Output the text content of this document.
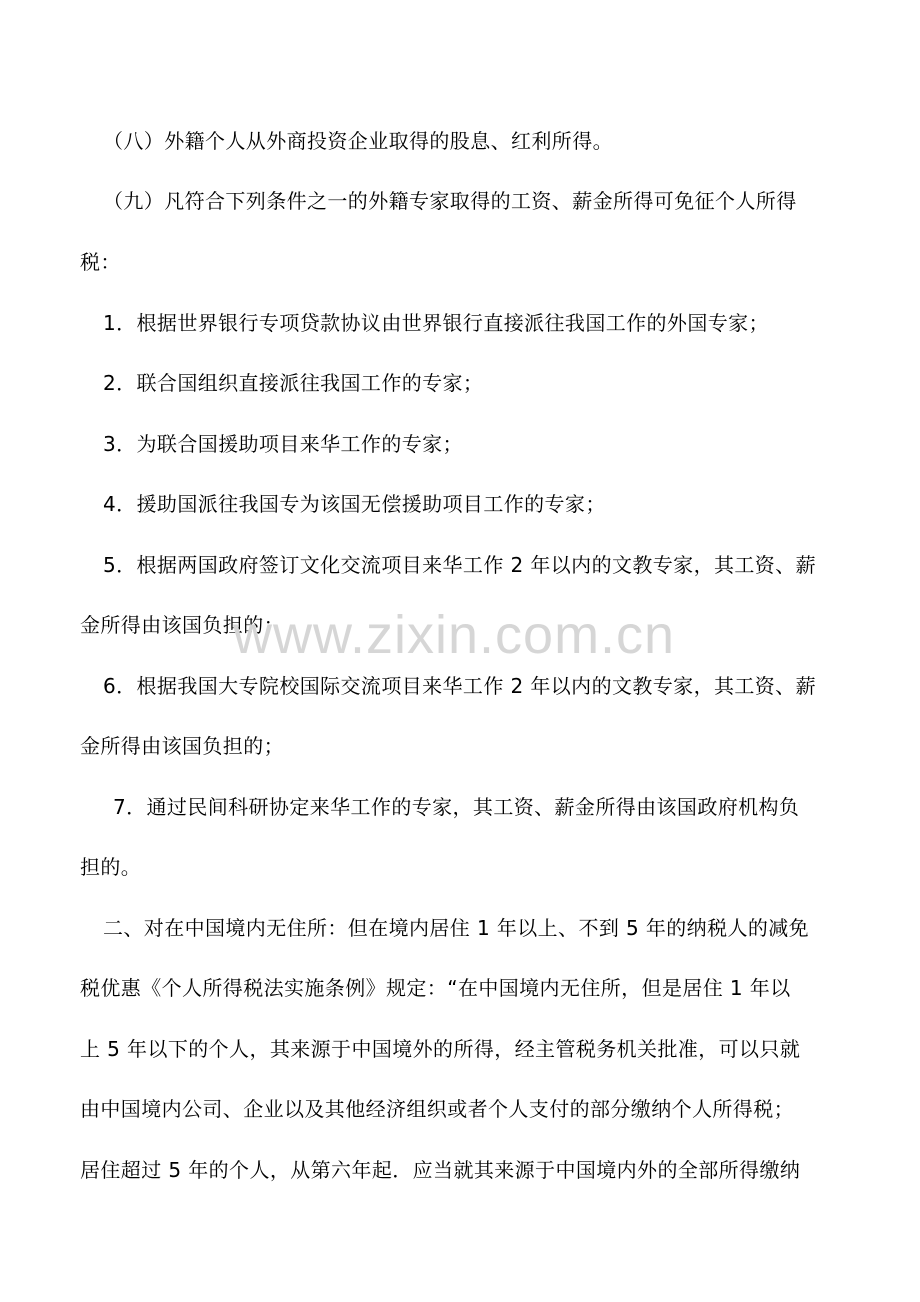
（八）外籍个人从外商投资企业取得的股息、红利所得。
（九）凡符合下列条件之一的外籍专家取得的工资、薪金所得可免征个人所得
税：
1．根据世界银行专项贷款协议由世界银行直接派往我国工作的外国专家；
2．联合国组织直接派往我国工作的专家；
3．为联合国援助项目来华工作的专家；
4．援助国派往我国专为该国无偿援助项目工作的专家；
5．根据两国政府签订文化交流项目来华工作 2 年以内的文教专家，其工资、薪
金所得由该国负担的；
6．根据我国大专院校国际交流项目来华工作 2 年以内的文教专家，其工资、薪
金所得由该国负担的；
7．通过民间科研协定来华工作的专家，其工资、薪金所得由该国政府机构负
担的。
二、对在中国境内无住所：但在境内居住 1 年以上、不到 5 年的纳税人的减免
税优惠《个人所得税法实施条例》规定：“在中国境内无住所，但是居住 1 年以
上 5 年以下的个人，其来源于中国境外的所得，经主管税务机关批准，可以只就
由中国境内公司、企业以及其他经济组织或者个人支付的部分缴纳个人所得税；
居住超过 5 年的个人，从第六年起．应当就其来源于中国境内外的全部所得缴纳
www.zixin.com.cn
